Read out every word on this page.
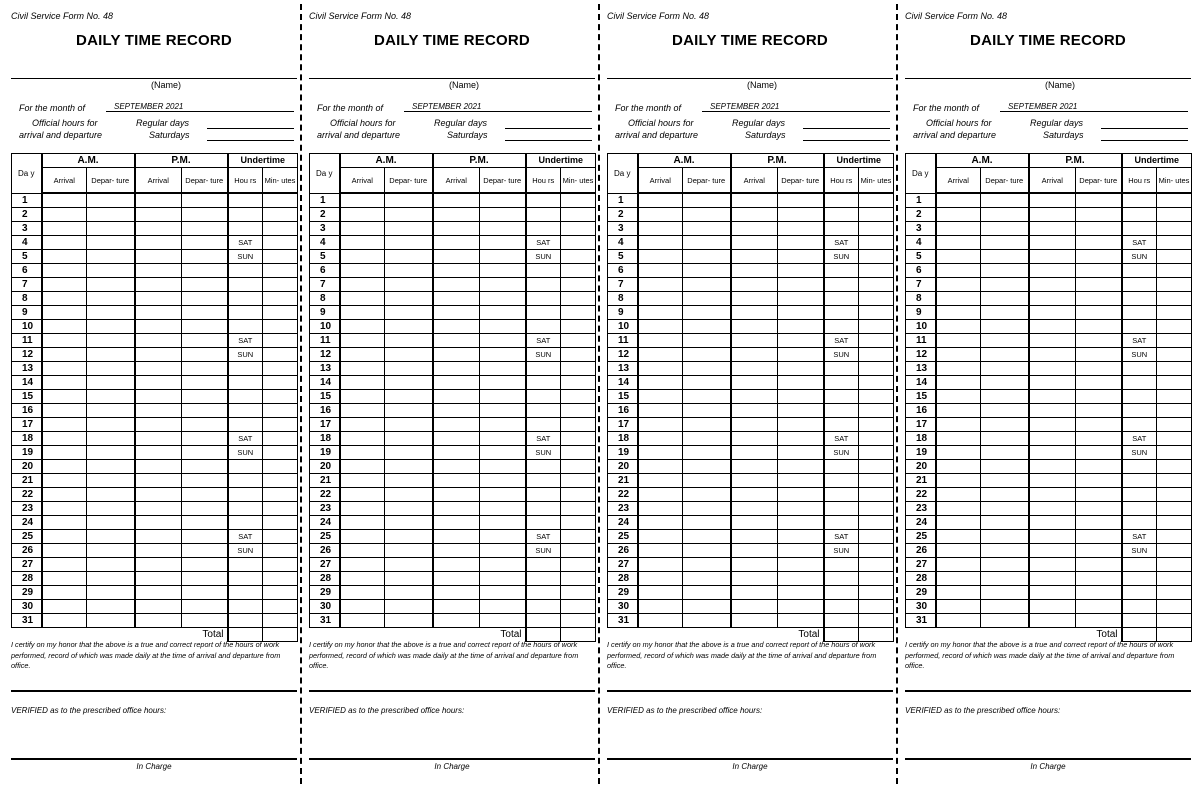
Civil Service Form No. 48
DAILY TIME RECORD
(Name)
For the month of	SEPTEMBER 2021
Official hours for
arrival and departure
Regular days
Saturdays
Da y	A.M.		P.M.		Undertime	
	Arrival	Depar- ture	Arrival	Depar- ture	Hou rs	Min- utes
1						
2						
3						
4					SAT	
5					SUN	
6						
7						
8						
9						
10						
11					SAT	
12					SUN	
13						
14						
15						
16						
17						
18					SAT	
19					SUN	
20						
21						
22						
23						
24						
25					SAT	
26					SUN	
27						
28						
29						
30						
31						
Total						
I certify on my honor that the above is a true and correct report of the hours of work performed, record of which was made daily at the time of arrival and departure from office.
VERIFIED as to the prescribed office hours:
In Charge
Civil Service Form No. 48
DAILY TIME RECORD
(Name)
For the month of	SEPTEMBER 2021
Official hours for
arrival and departure
Regular days
Saturdays
Da y	A.M.		P.M.		Undertime	
	Arrival	Depar- ture	Arrival	Depar- ture	Hou rs	Min- utes
1						
2						
3						
4					SAT	
5					SUN	
6						
7						
8						
9						
10						
11					SAT	
12					SUN	
13						
14						
15						
16						
17						
18					SAT	
19					SUN	
20						
21						
22						
23						
24						
25					SAT	
26					SUN	
27						
28						
29						
30						
31						
Total						
I certify on my honor that the above is a true and correct report of the hours of work performed, record of which was made daily at the time of arrival and departure from office.
VERIFIED as to the prescribed office hours:
In Charge
Civil Service Form No. 48
DAILY TIME RECORD
(Name)
For the month of	SEPTEMBER 2021
Official hours for
arrival and departure
Regular days
Saturdays
Da y	A.M.		P.M.		Undertime	
	Arrival	Depar- ture	Arrival	Depar- ture	Hou rs	Min- utes
1						
2						
3						
4					SAT	
5					SUN	
6						
7						
8						
9						
10						
11					SAT	
12					SUN	
13						
14						
15						
16						
17						
18					SAT	
19					SUN	
20						
21						
22						
23						
24						
25					SAT	
26					SUN	
27						
28						
29						
30						
31						
Total						
I certify on my honor that the above is a true and correct report of the hours of work performed, record of which was made daily at the time of arrival and departure from office.
VERIFIED as to the prescribed office hours:
In Charge
Civil Service Form No. 48
DAILY TIME RECORD
(Name)
For the month of	SEPTEMBER 2021
Official hours for
arrival and departure
Regular days
Saturdays
Da y	A.M.		P.M.		Undertime	
	Arrival	Depar- ture	Arrival	Depar- ture	Hou rs	Min- utes
1						
2						
3						
4					SAT	
5					SUN	
6						
7						
8						
9						
10						
11					SAT	
12					SUN	
13						
14						
15						
16						
17						
18					SAT	
19					SUN	
20						
21						
22						
23						
24						
25					SAT	
26					SUN	
27						
28						
29						
30						
31						
Total						
I certify on my honor that the above is a true and correct report of the hours of work performed, record of which was made daily at the time of arrival and departure from office.
VERIFIED as to the prescribed office hours:
In Charge
